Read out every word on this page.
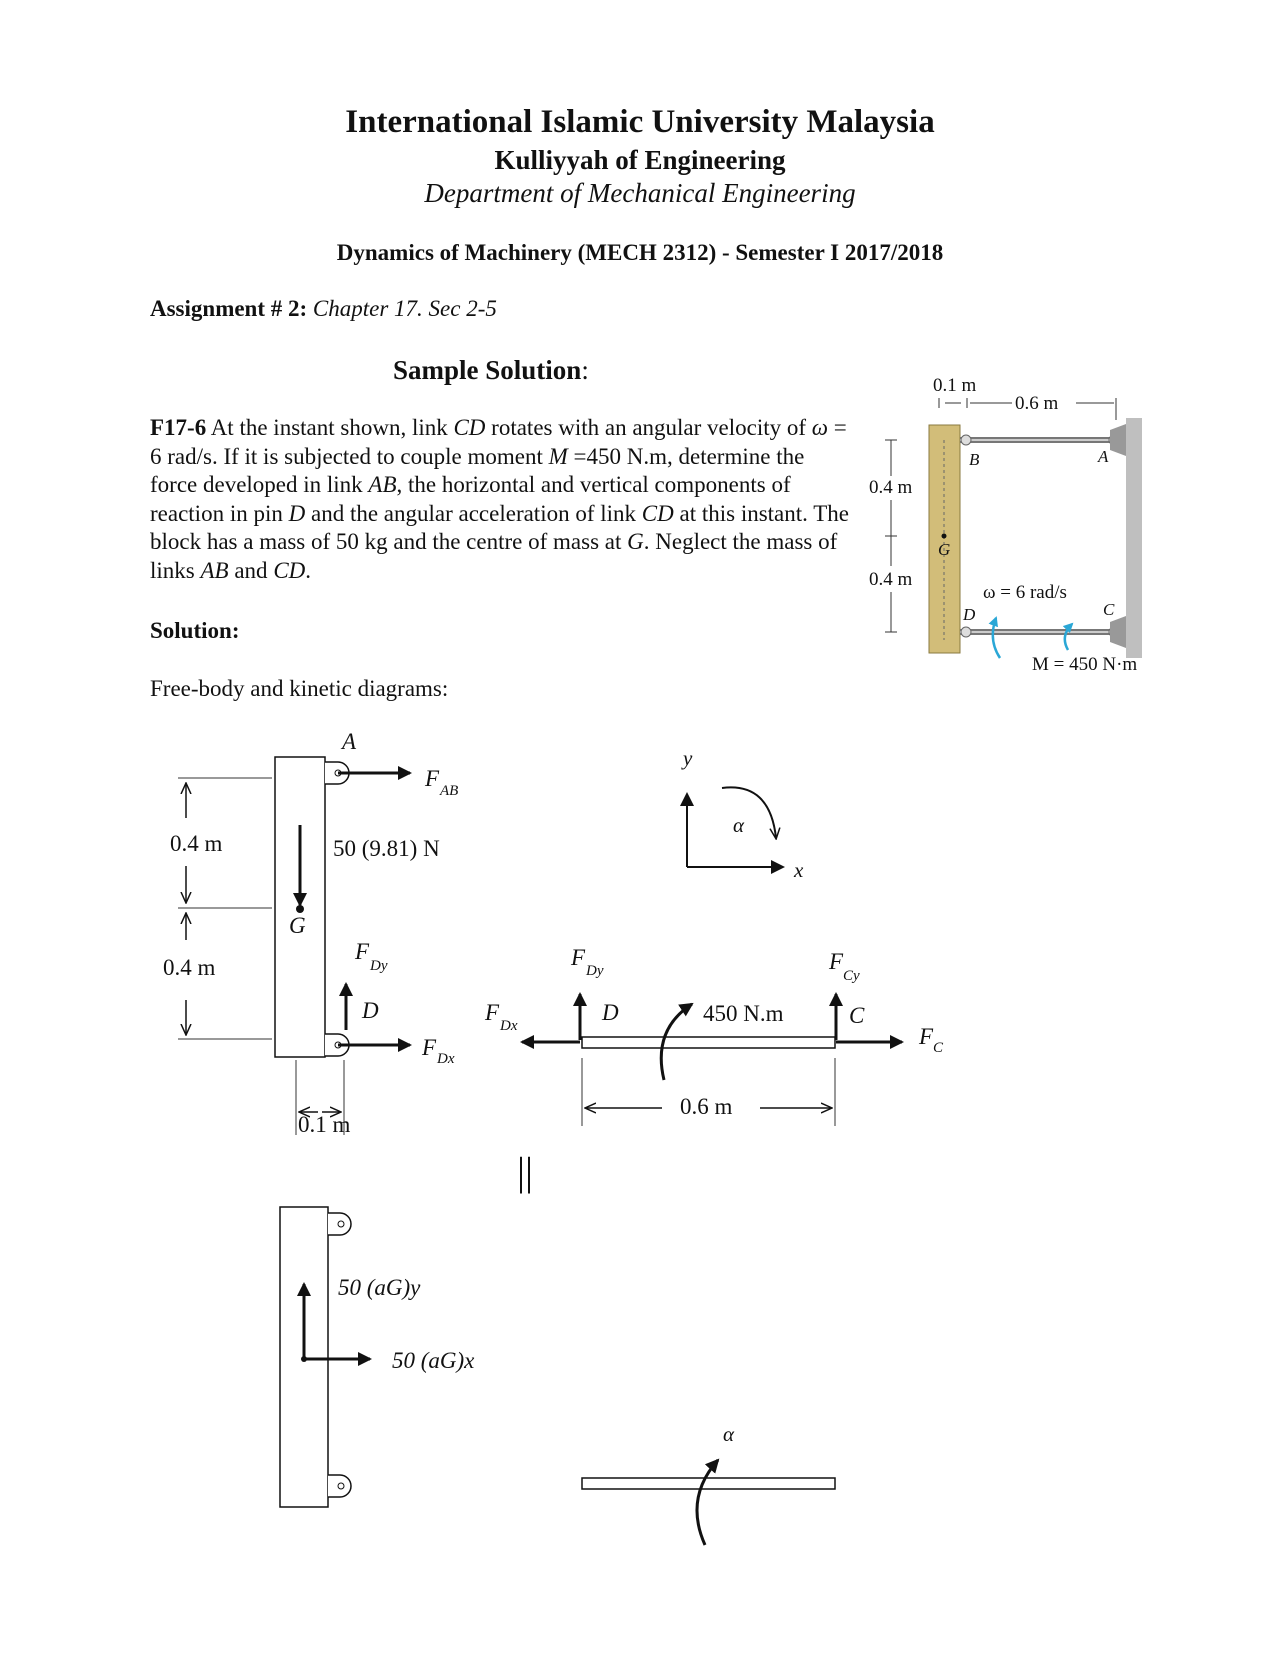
International Islamic University Malaysia
Kulliyyah of Engineering
Department of Mechanical Engineering
Dynamics of Machinery (MECH 2312) - Semester I 2017/2018
Assignment # 2: Chapter 17. Sec 2-5
Sample Solution:
F17-6 At the instant shown, link CD rotates with an angular velocity of ω = 6 rad/s. If it is subjected to couple moment M =450 N.m, determine the force developed in link AB, the horizontal and vertical components of reaction in pin D and the angular acceleration of link CD at this instant. The block has a mass of 50 kg and the centre of mass at G. Neglect the mass of links AB and CD.
Solution:
Free-body and kinetic diagrams:
0.1 m
0.6 m
0.4 m
0.4 m
B	A
G
D	C
ω = 6 rad/s
M = 450 N·m
A
F AB
50 (9.81) N
G
F
Dy
D
F Dx
0.4 m
0.4 m
0.1 m
y
x
α
F
Dx
F
Dy
D	450 N.m
F
Cy
C
F C
0.6 m
||
50 (aG)y
50 (aG)x
α
